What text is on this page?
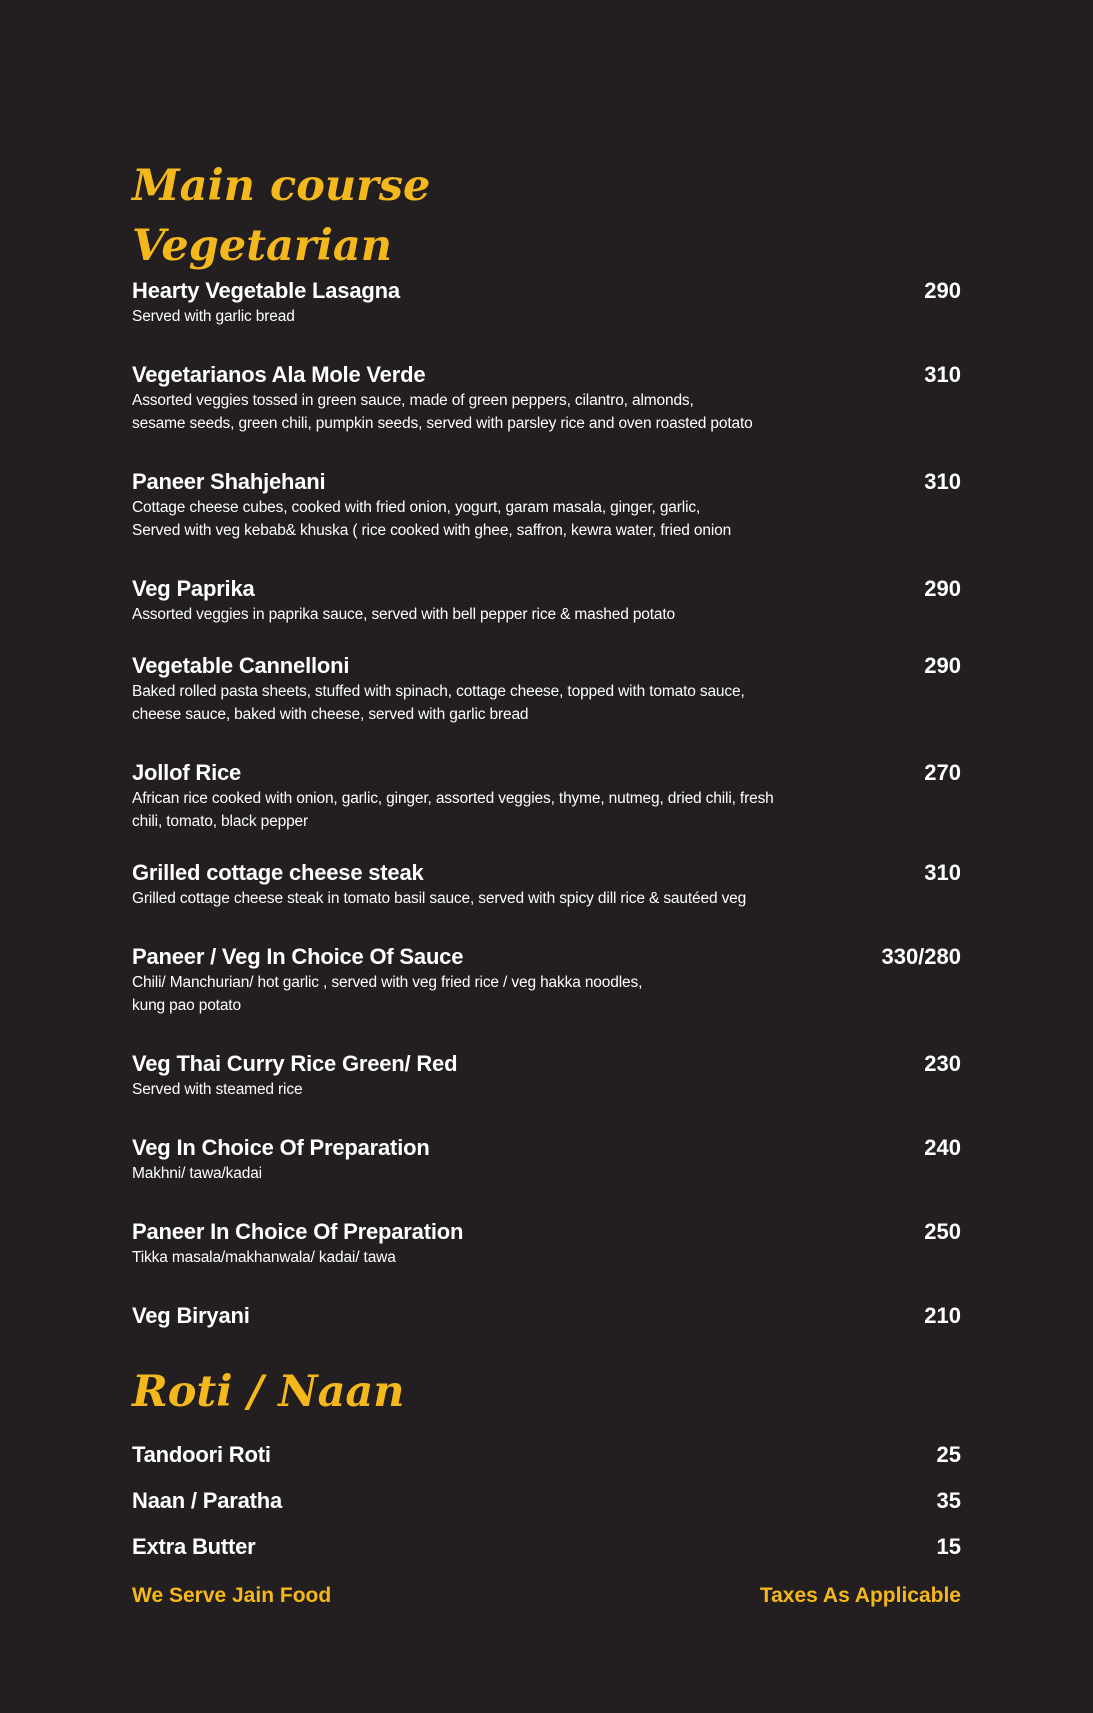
Main course
Vegetarian
Hearty Vegetable Lasagna	290
Served with garlic bread
Vegetarianos Ala Mole Verde	310
Assorted veggies tossed in green sauce, made of green peppers, cilantro, almonds,
sesame seeds, green chili, pumpkin seeds, served with parsley rice and oven roasted potato
Paneer Shahjehani	310
Cottage cheese cubes, cooked with fried onion, yogurt, garam masala, ginger, garlic,
Served with veg kebab& khuska ( rice cooked with ghee, saffron, kewra water, fried onion
Veg Paprika	290
Assorted veggies in paprika sauce, served with bell pepper rice & mashed potato
Vegetable Cannelloni	290
Baked rolled pasta sheets, stuffed with spinach, cottage cheese, topped with tomato sauce,
cheese sauce, baked with cheese, served with garlic bread
Jollof Rice	270
African rice cooked with onion, garlic, ginger, assorted veggies, thyme, nutmeg, dried chili, fresh
chili, tomato, black pepper
Grilled cottage cheese steak	310
Grilled cottage cheese steak in tomato basil sauce, served with spicy dill rice & sautéed veg
Paneer / Veg In Choice Of Sauce	330/280
Chili/ Manchurian/ hot garlic , served with veg fried rice / veg hakka noodles,
kung pao potato
Veg Thai Curry Rice Green/ Red	230
Served with steamed rice
Veg In Choice Of Preparation	240
Makhni/ tawa/kadai
Paneer In Choice Of Preparation	250
Tikka masala/makhanwala/ kadai/ tawa
Veg Biryani	210
Roti / Naan
Tandoori Roti	25
Naan / Paratha	35
Extra Butter	15
We Serve Jain Food	Taxes As Applicable
